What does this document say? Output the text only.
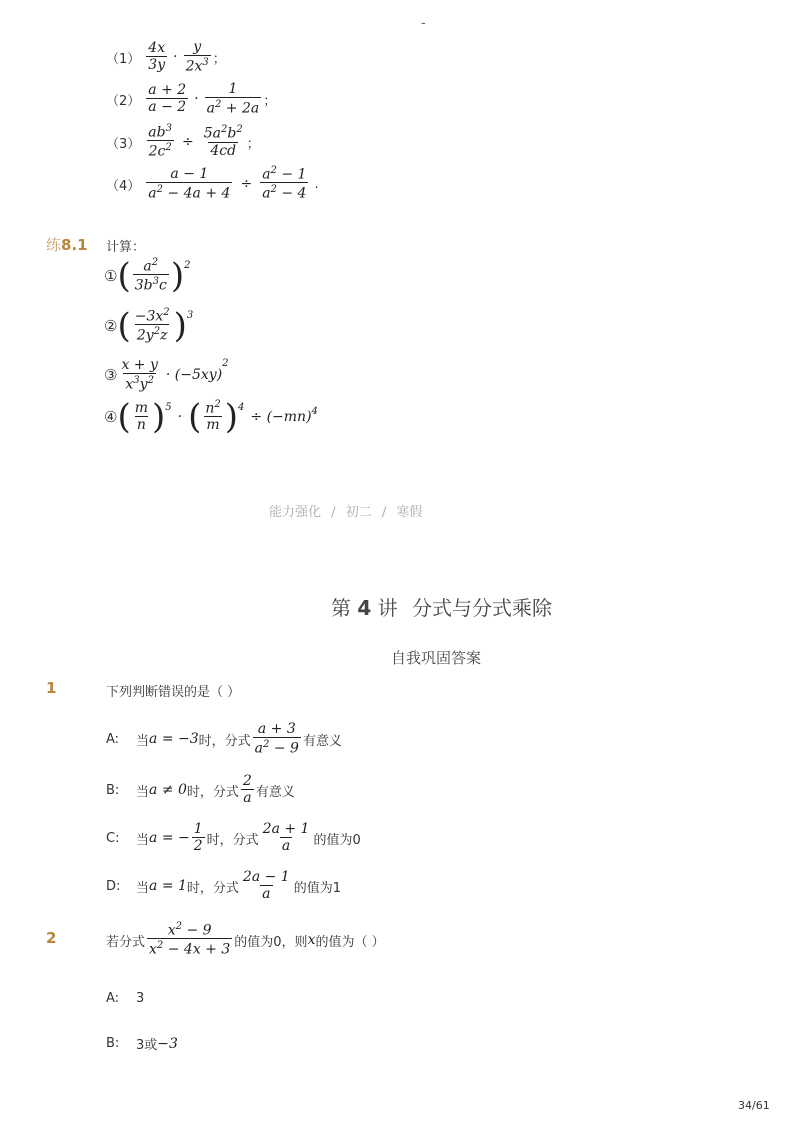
-
$(1) \frac{4x}{3y} \cdot \frac{y}{2x^3}$ ；
$(2) \frac{a + 2}{a - 2} \cdot \frac{1}{a^2 + 2a}$ ；
$(3) \frac{ab^3}{2c^2} \div \frac{5a^2b^2}{4cd}$ ；
$(4) \frac{a - 1}{a^2 - 4a + 4} \div \frac{a^2 - 1}{a^2 - 4}$ .
练8.1 计算：
① ( $\frac{a^2}{3b^3c} )^2$
② ( $\frac{-3x^2}{2y^2z} )^3$
③ $\frac{x + y}{x^3y^2} \cdot (-5xy)$
$^2$
④ ( $\frac{m}{n} )^5$
· ( $\frac{n^2}{m} )^4$
÷ $(-mn)^4$
能力强化 / 初二 / 寒假
第 4 讲 分式与分式乘除
自我巩固答案
1	下列判断错误的是（ ）
A:	当 a = −3 时，分式 $\frac{a + 3}{a^2 - 9}$ 有意义
B:	当 a ≠ 0 时，分式 $\frac{2}{a}$ 有意义
C:	当 a = − $\frac{1}{2}$ 时，分式 $\frac{2a + 1}{a}$ 的值为0
D:	当 a = 1 时，分式 $\frac{2a - 1}{a}$ 的值为1
2	若分式 $\frac{x^2 - 9}{x^2 - 4x + 3}$ 的值为0，则 x 的值为（ ）
A:	3
B:	3或 −3
34/61
